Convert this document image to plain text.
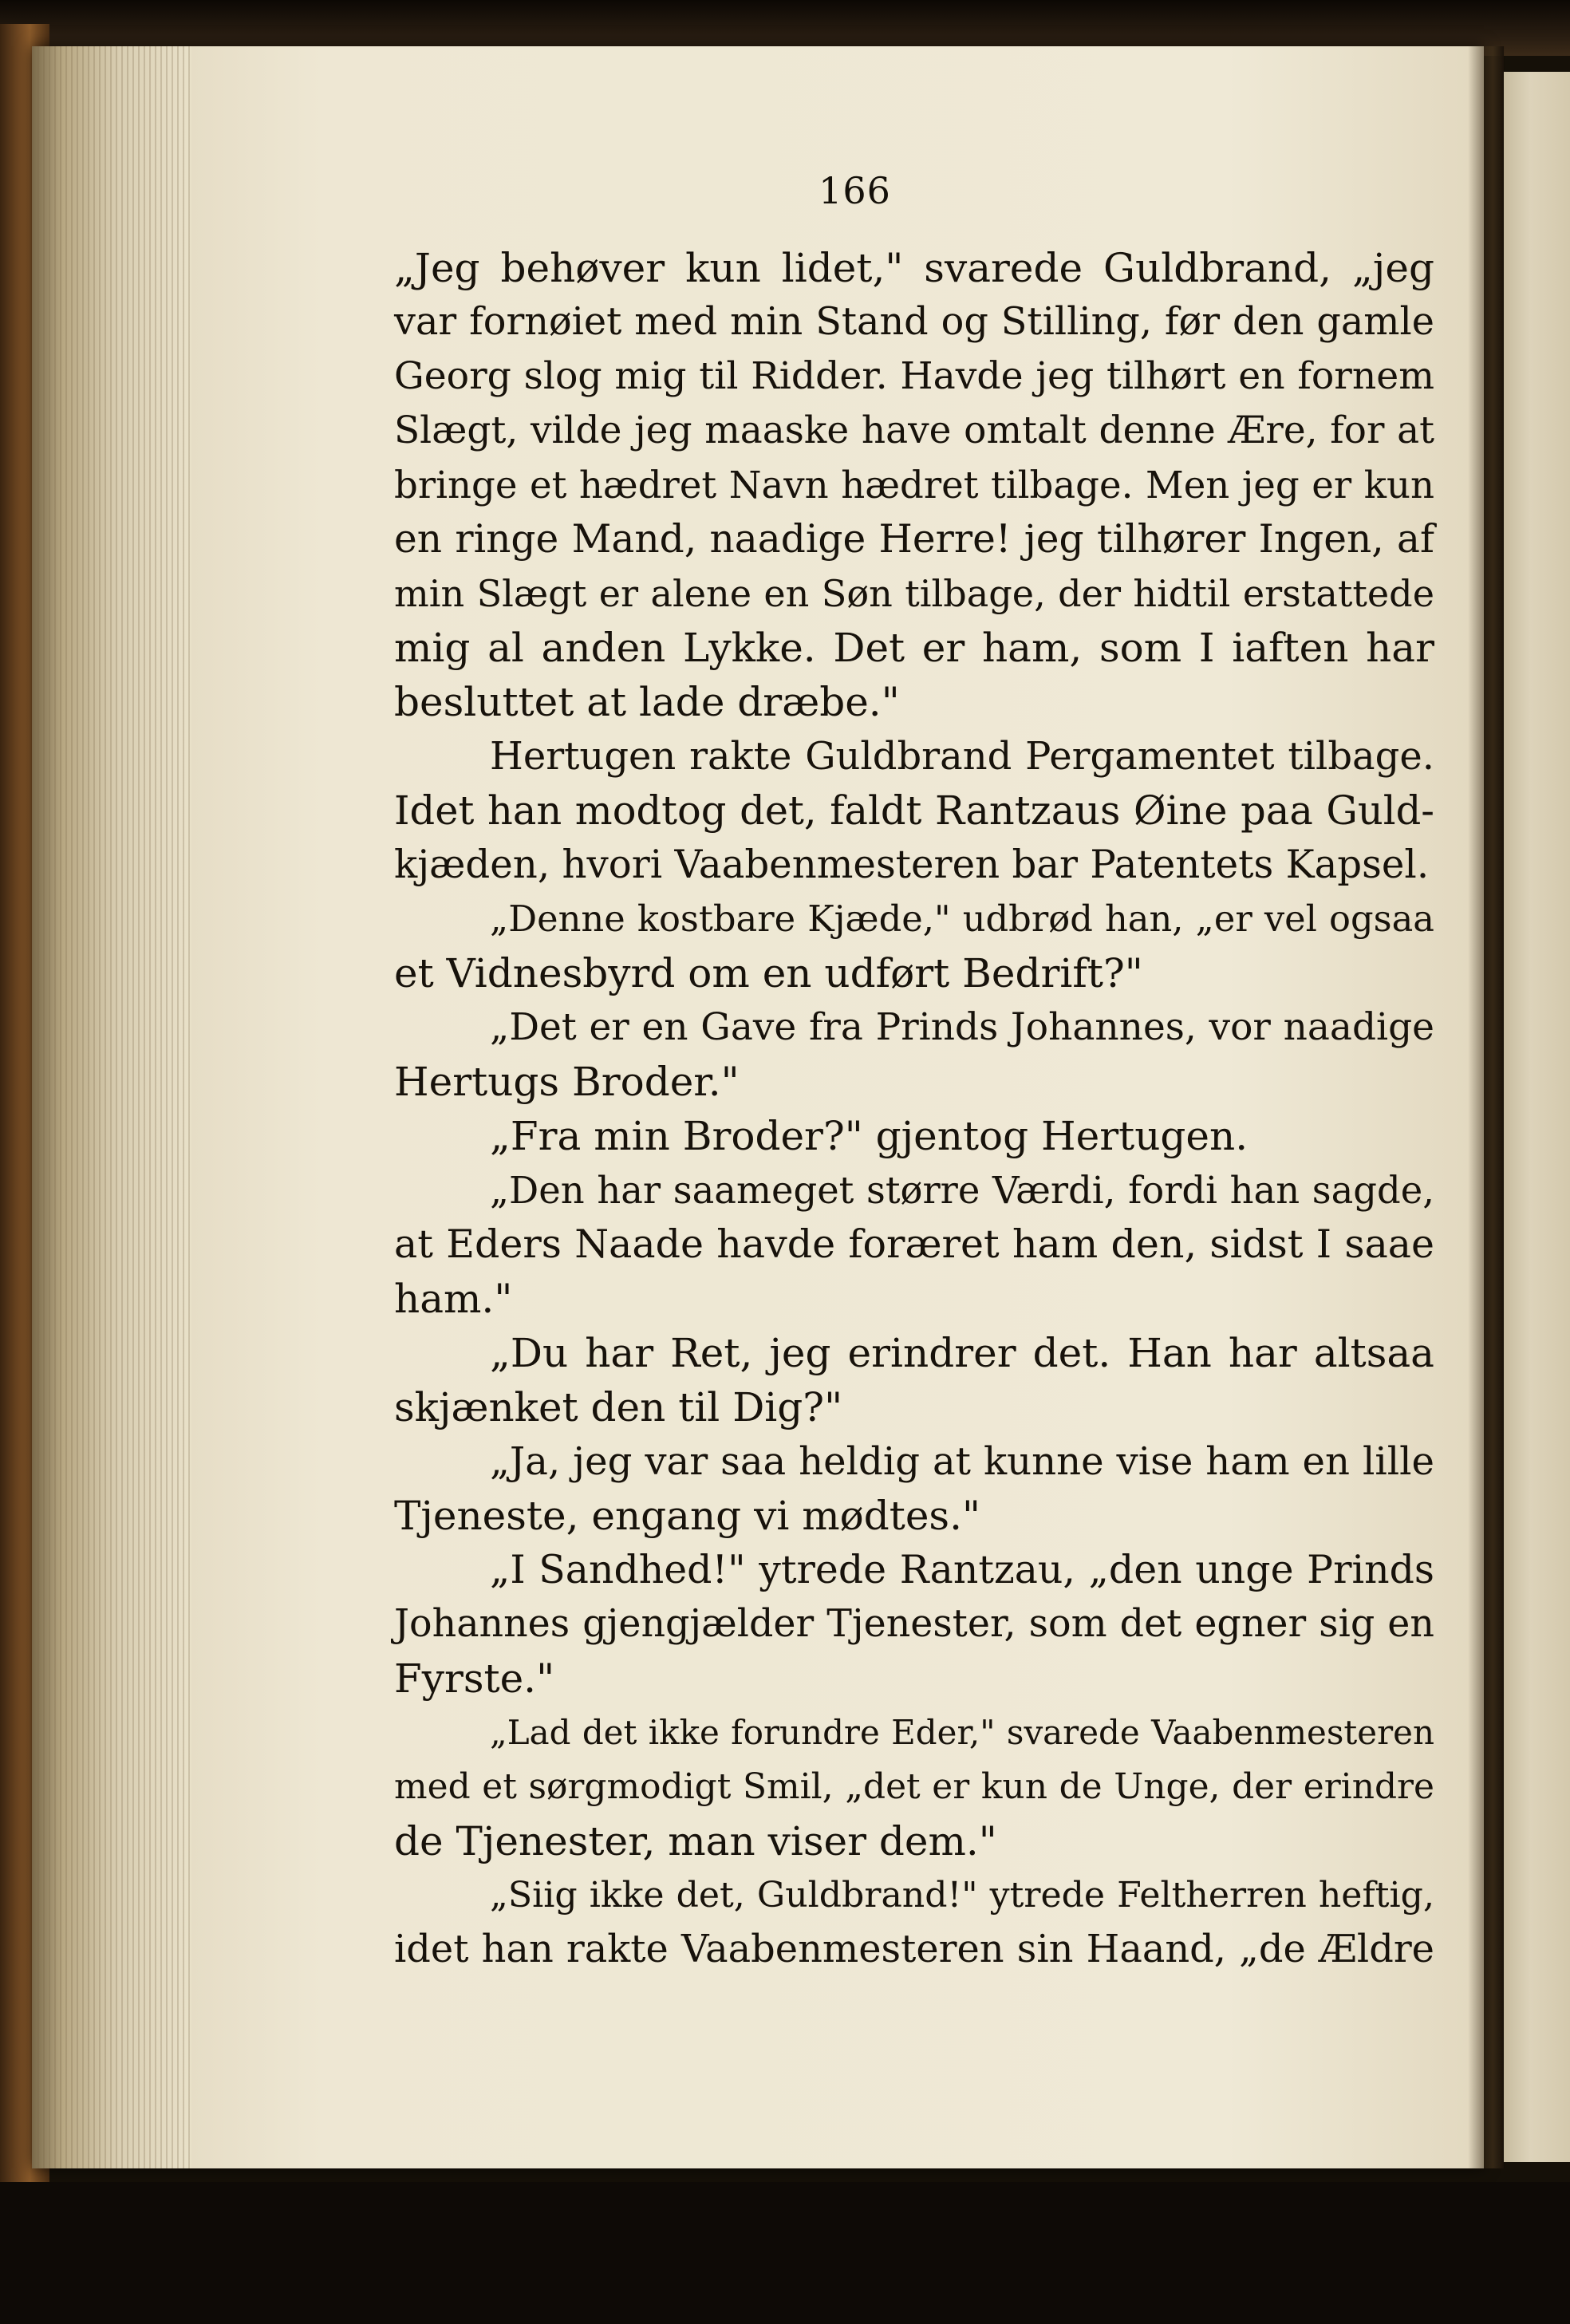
166
„Jeg behøver kun lidet," svarede Guldbrand, „jeg
var fornøiet med min Stand og Stilling, før den gamle
Georg slog mig til Ridder. Havde jeg tilhørt en fornem
Slægt, vilde jeg maaske have omtalt denne Ære, for at
bringe et hædret Navn hædret tilbage. Men jeg er kun
en ringe Mand, naadige Herre! jeg tilhører Ingen, af
min Slægt er alene en Søn tilbage, der hidtil erstattede
mig al anden Lykke. Det er ham, som I iaften har
besluttet at lade dræbe."
Hertugen rakte Guldbrand Pergamentet tilbage.
Idet han modtog det, faldt Rantzaus Øine paa Guld-
kjæden, hvori Vaabenmesteren bar Patentets Kapsel.
„Denne kostbare Kjæde," udbrød han, „er vel ogsaa
et Vidnesbyrd om en udført Bedrift?"
„Det er en Gave fra Prinds Johannes, vor naadige
Hertugs Broder."
„Fra min Broder?" gjentog Hertugen.
„Den har saameget større Værdi, fordi han sagde,
at Eders Naade havde foræret ham den, sidst I saae
ham."
„Du har Ret, jeg erindrer det. Han har altsaa
skjænket den til Dig?"
„Ja, jeg var saa heldig at kunne vise ham en lille
Tjeneste, engang vi mødtes."
„I Sandhed!" ytrede Rantzau, „den unge Prinds
Johannes gjengjælder Tjenester, som det egner sig en
Fyrste."
„Lad det ikke forundre Eder," svarede Vaabenmesteren
med et sørgmodigt Smil, „det er kun de Unge, der erindre
de Tjenester, man viser dem."
„Siig ikke det, Guldbrand!" ytrede Feltherren heftig,
idet han rakte Vaabenmesteren sin Haand, „de Ældre
